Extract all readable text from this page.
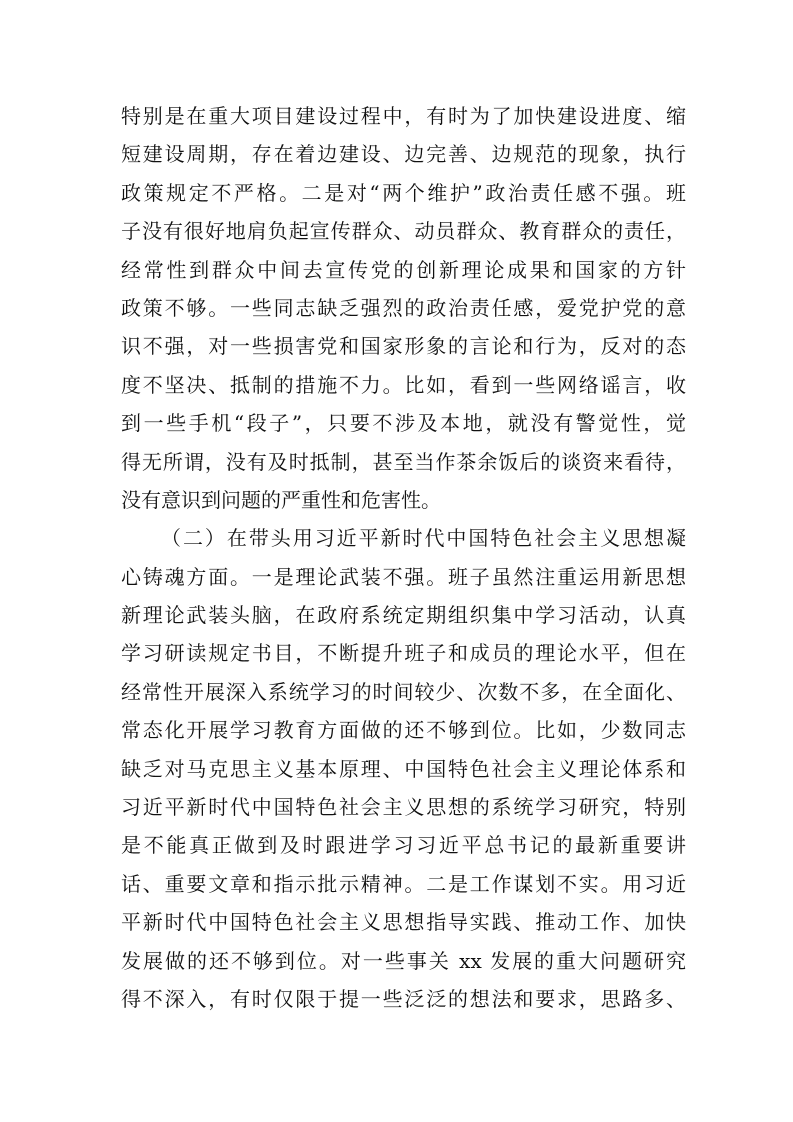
特别是在重大项目建设过程中，有时为了加快建设进度、缩
短建设周期，存在着边建设、边完善、边规范的现象，执行
政策规定不严格。二是对“两个维护”政治责任感不强。班
子没有很好地肩负起宣传群众、动员群众、教育群众的责任，
经常性到群众中间去宣传党的创新理论成果和国家的方针
政策不够。一些同志缺乏强烈的政治责任感，爱党护党的意
识不强，对一些损害党和国家形象的言论和行为，反对的态
度不坚决、抵制的措施不力。比如，看到一些网络谣言，收
到一些手机“段子”，只要不涉及本地，就没有警觉性，觉
得无所谓，没有及时抵制，甚至当作茶余饭后的谈资来看待，
没有意识到问题的严重性和危害性。
（二）在带头用习近平新时代中国特色社会主义思想凝
心铸魂方面。一是理论武装不强。班子虽然注重运用新思想
新理论武装头脑，在政府系统定期组织集中学习活动，认真
学习研读规定书目，不断提升班子和成员的理论水平，但在
经常性开展深入系统学习的时间较少、次数不多，在全面化、
常态化开展学习教育方面做的还不够到位。比如，少数同志
缺乏对马克思主义基本原理、中国特色社会主义理论体系和
习近平新时代中国特色社会主义思想的系统学习研究，特别
是不能真正做到及时跟进学习习近平总书记的最新重要讲
话、重要文章和指示批示精神。二是工作谋划不实。用习近
平新时代中国特色社会主义思想指导实践、推动工作、加快
发展做的还不够到位。对一些事关 xx 发展的重大问题研究
得不深入，有时仅限于提一些泛泛的想法和要求，思路多、
